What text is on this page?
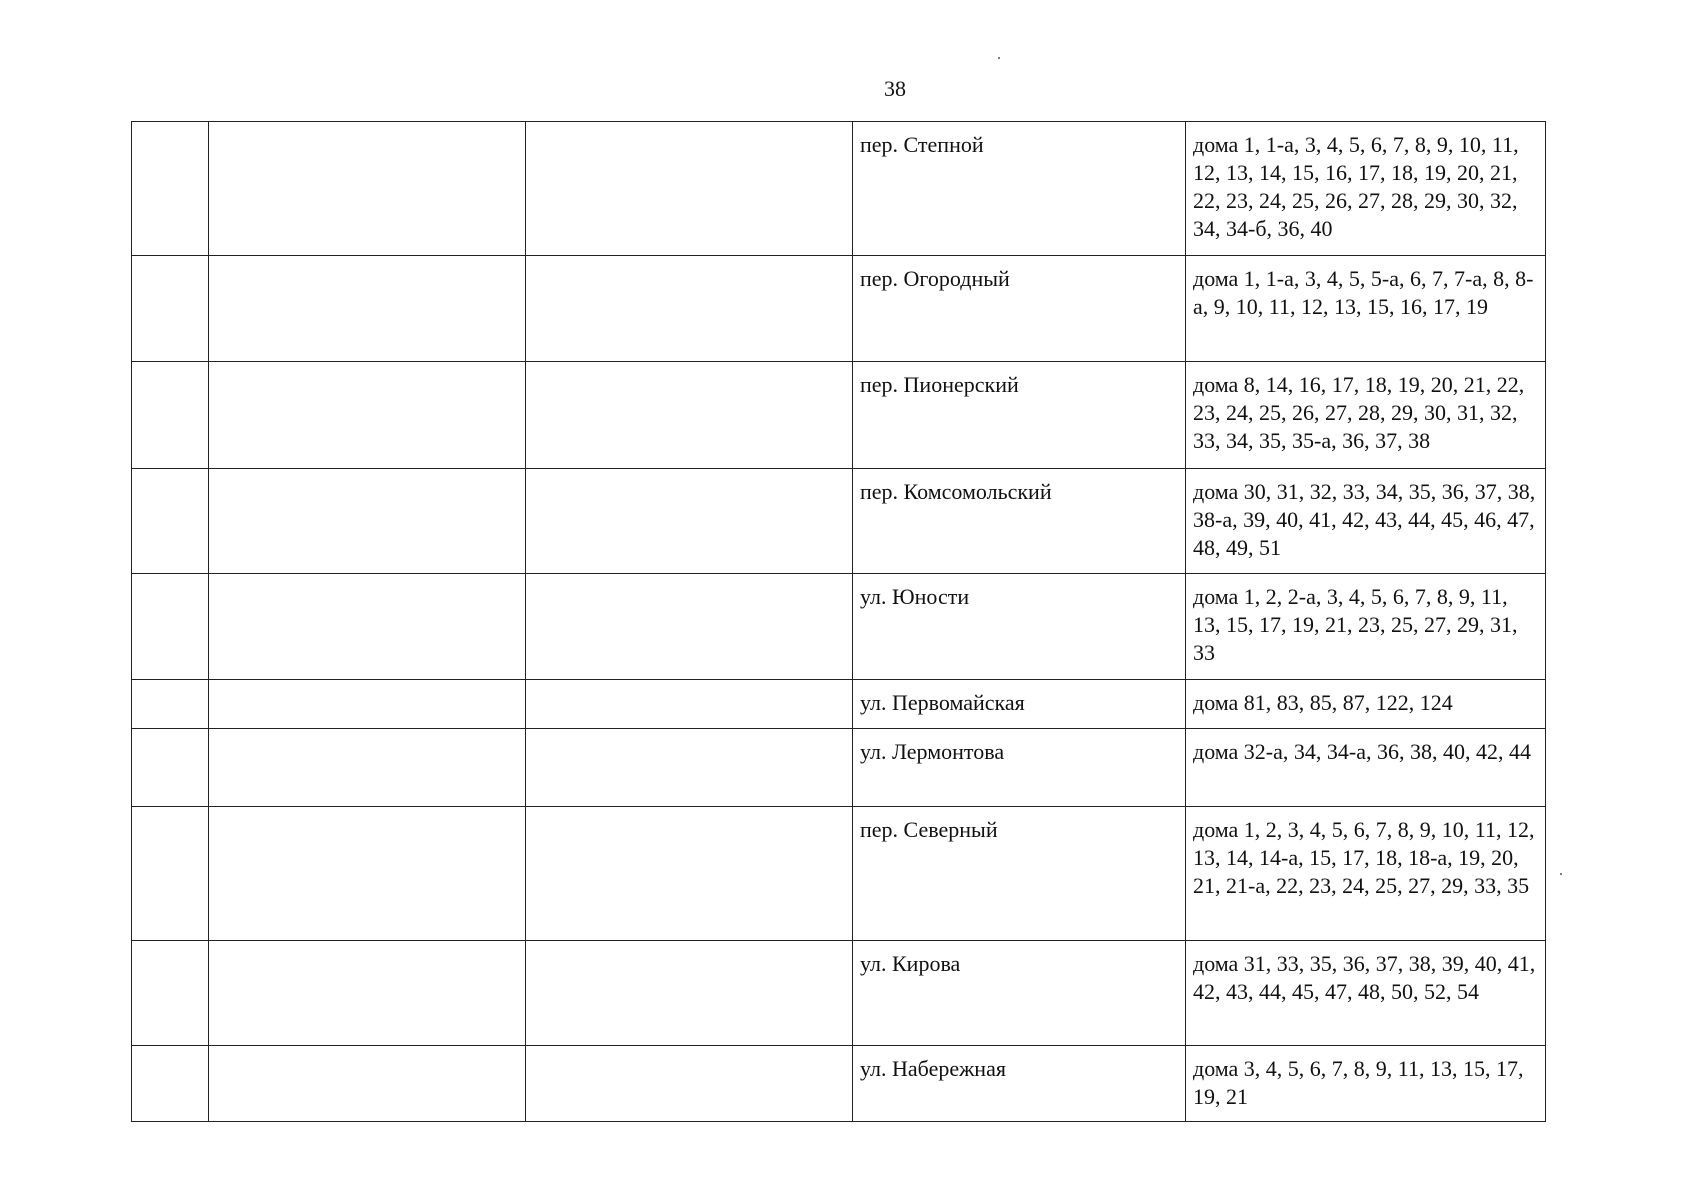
38
			пер. Степной	дома 1, 1-а, 3, 4, 5, 6, 7, 8, 9, 10, 11, 12, 13, 14, 15, 16, 17, 18, 19, 20, 21, 22, 23, 24, 25, 26, 27, 28, 29, 30, 32, 34, 34-б, 36, 40
			пер. Огородный	дома 1, 1-а, 3, 4, 5, 5-а, 6, 7, 7-а, 8, 8-а, 9, 10, 11, 12, 13, 15, 16, 17, 19
			пер. Пионерский	дома 8, 14, 16, 17, 18, 19, 20, 21, 22, 23, 24, 25, 26, 27, 28, 29, 30, 31, 32, 33, 34, 35, 35-а, 36, 37, 38
			пер. Комсомольский	дома 30, 31, 32, 33, 34, 35, 36, 37, 38, 38-а, 39, 40, 41, 42, 43, 44, 45, 46, 47, 48, 49, 51
			ул. Юности	дома 1, 2, 2-а, 3, 4, 5, 6, 7, 8, 9, 11, 13, 15, 17, 19, 21, 23, 25, 27, 29, 31, 33
			ул. Первомайская	дома 81, 83, 85, 87, 122, 124
			ул. Лермонтова	дома 32-а, 34, 34-а, 36, 38, 40, 42, 44
			пер. Северный	дома 1, 2, 3, 4, 5, 6, 7, 8, 9, 10, 11, 12, 13, 14, 14-а, 15, 17, 18, 18-а, 19, 20, 21, 21-а, 22, 23, 24, 25, 27, 29, 33, 35
			ул. Кирова	дома 31, 33, 35, 36, 37, 38, 39, 40, 41, 42, 43, 44, 45, 47, 48, 50, 52, 54
			ул. Набережная	дома 3, 4, 5, 6, 7, 8, 9, 11, 13, 15, 17, 19, 21
